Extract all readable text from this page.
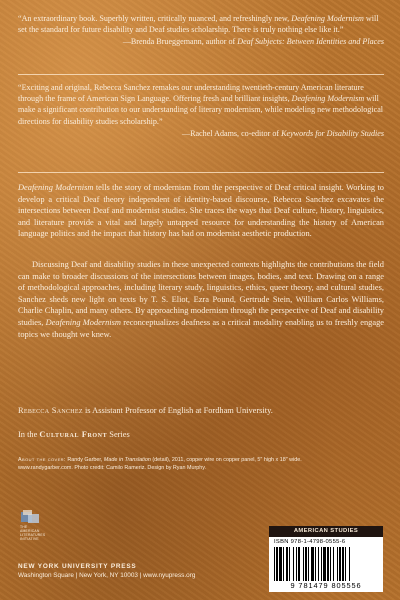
“An extraordinary book. Superbly written, critically nuanced, and refreshingly new, Deafening Modernism will set the standard for future disability and Deaf studies scholarship. There is truly nothing else like it.”

—Brenda Brueggemann, author of Deaf Subjects: Between Identities and Places

“Exciting and original, Rebecca Sanchez remakes our understanding twentieth-century American literature through the frame of American Sign Language. Offering fresh and brilliant insights, Deafening Modernism will make a significant contribution to our understanding of literary modernism, while modeling new methodological directions for disability studies scholarship.”

—Rachel Adams, co-editor of Keywords for Disability Studies

Deafening Modernism tells the story of modernism from the perspective of Deaf critical insight. Working to develop a critical Deaf theory independent of identity-based discourse, Rebecca Sanchez excavates the intersections between Deaf and modernist studies. She traces the ways that Deaf culture, history, linguistics, and literature provide a vital and largely untapped resource for understanding the history of American language politics and the impact that history has had on modernist aesthetic production.

Discussing Deaf and disability studies in these unexpected contexts highlights the contributions the field can make to broader discussions of the intersections between images, bodies, and text. Drawing on a range of methodological approaches, including literary study, linguistics, ethics, queer theory, and cultural studies, Sanchez sheds new light on texts by T. S. Eliot, Ezra Pound, Gertrude Stein, William Carlos Williams, Charlie Chaplin, and many others. By approaching modernism through the perspective of Deaf and disability studies, Deafening Modernism reconceptualizes deafness as a critical modality enabling us to freshly engage topics we thought we knew.

Rebecca Sanchez is Assistant Professor of English at Fordham University.
In the Cultural Front Series
About the cover: Randy Garber, Made in Translation (detail), 2011, copper wire on copper panel, 5″ high x 18″ wide. www.randygarber.com. Photo credit: Camilo Rameriz. Design by Ryan Murphy.
THE AMERICAN LITERATURES INITIATIVE
NEW YORK UNIVERSITY PRESS
Washington Square | New York, NY 10003 | www.nyupress.org
AMERICAN STUDIES
ISBN 978-1-4798-0555-6
9 781479 805556
